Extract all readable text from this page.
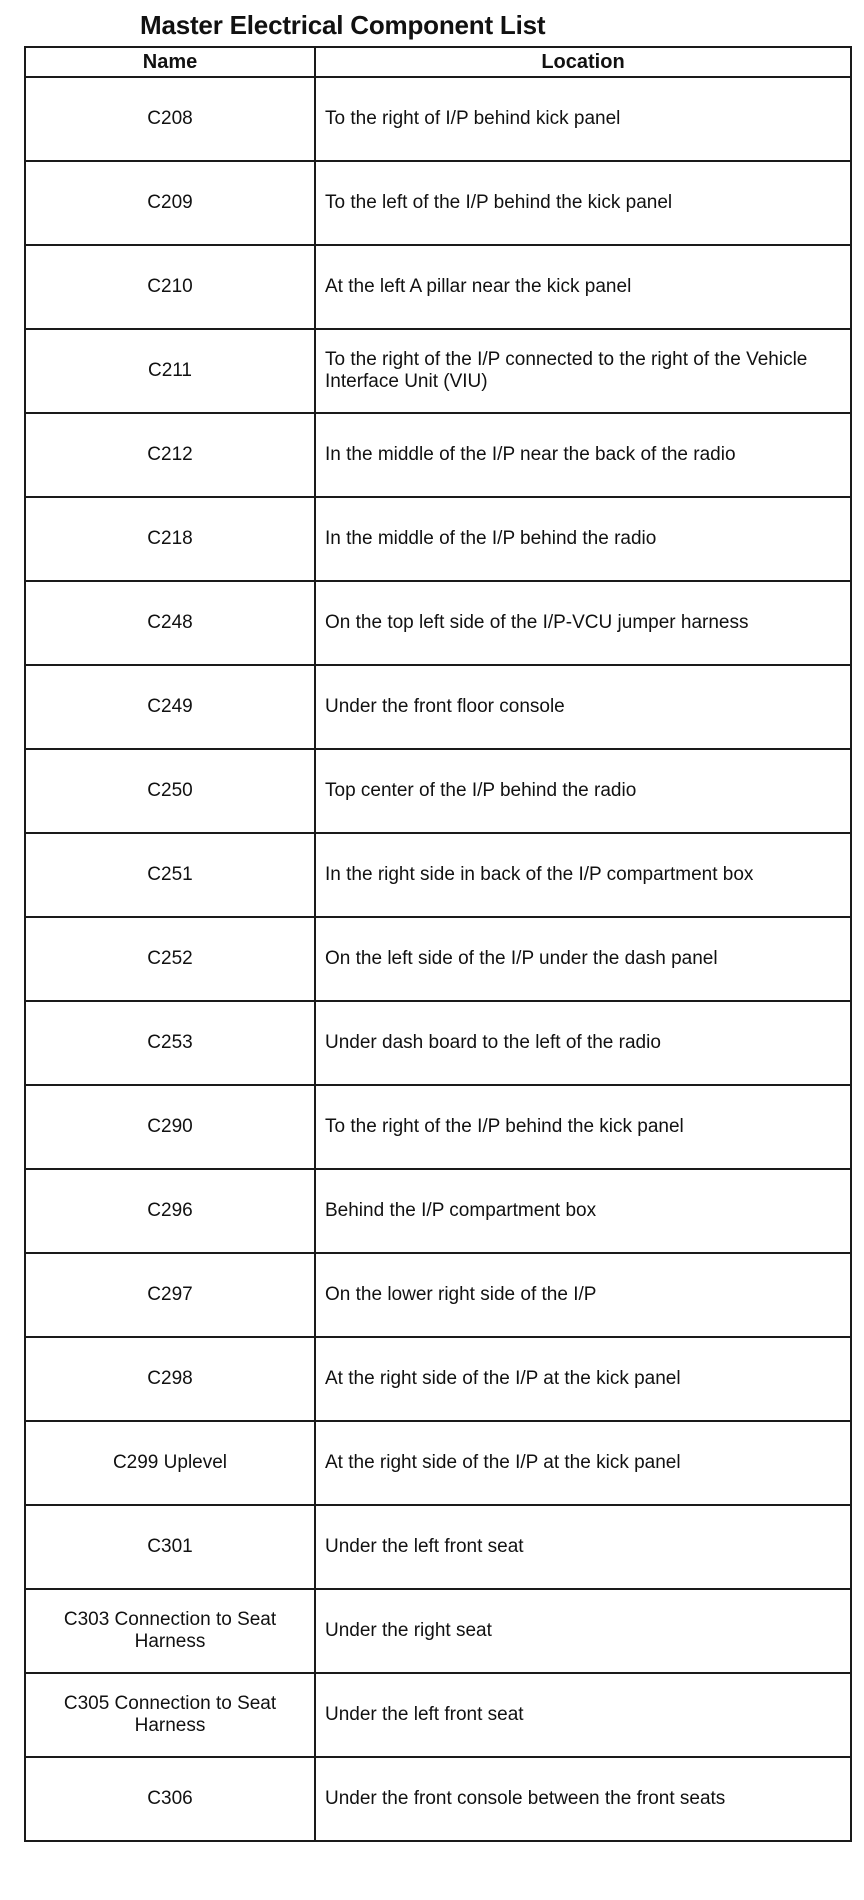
Master Electrical Component List
Name	Location
C208	To the right of I/P behind kick panel
C209	To the left of the I/P behind the kick panel
C210	At the left A pillar near the kick panel
C211	To the right of the I/P connected to the right of the Vehicle Interface Unit (VIU)
C212	In the middle of the I/P near the back of the radio
C218	In the middle of the I/P behind the radio
C248	On the top left side of the I/P-VCU jumper harness
C249	Under the front floor console
C250	Top center of the I/P behind the radio
C251	In the right side in back of the I/P compartment box
C252	On the left side of the I/P under the dash panel
C253	Under dash board to the left of the radio
C290	To the right of the I/P behind the kick panel
C296	Behind the I/P compartment box
C297	On the lower right side of the I/P
C298	At the right side of the I/P at the kick panel
C299 Uplevel	At the right side of the I/P at the kick panel
C301	Under the left front seat
C303 Connection to Seat Harness	Under the right seat
C305 Connection to Seat Harness	Under the left front seat
C306	Under the front console between the front seats
